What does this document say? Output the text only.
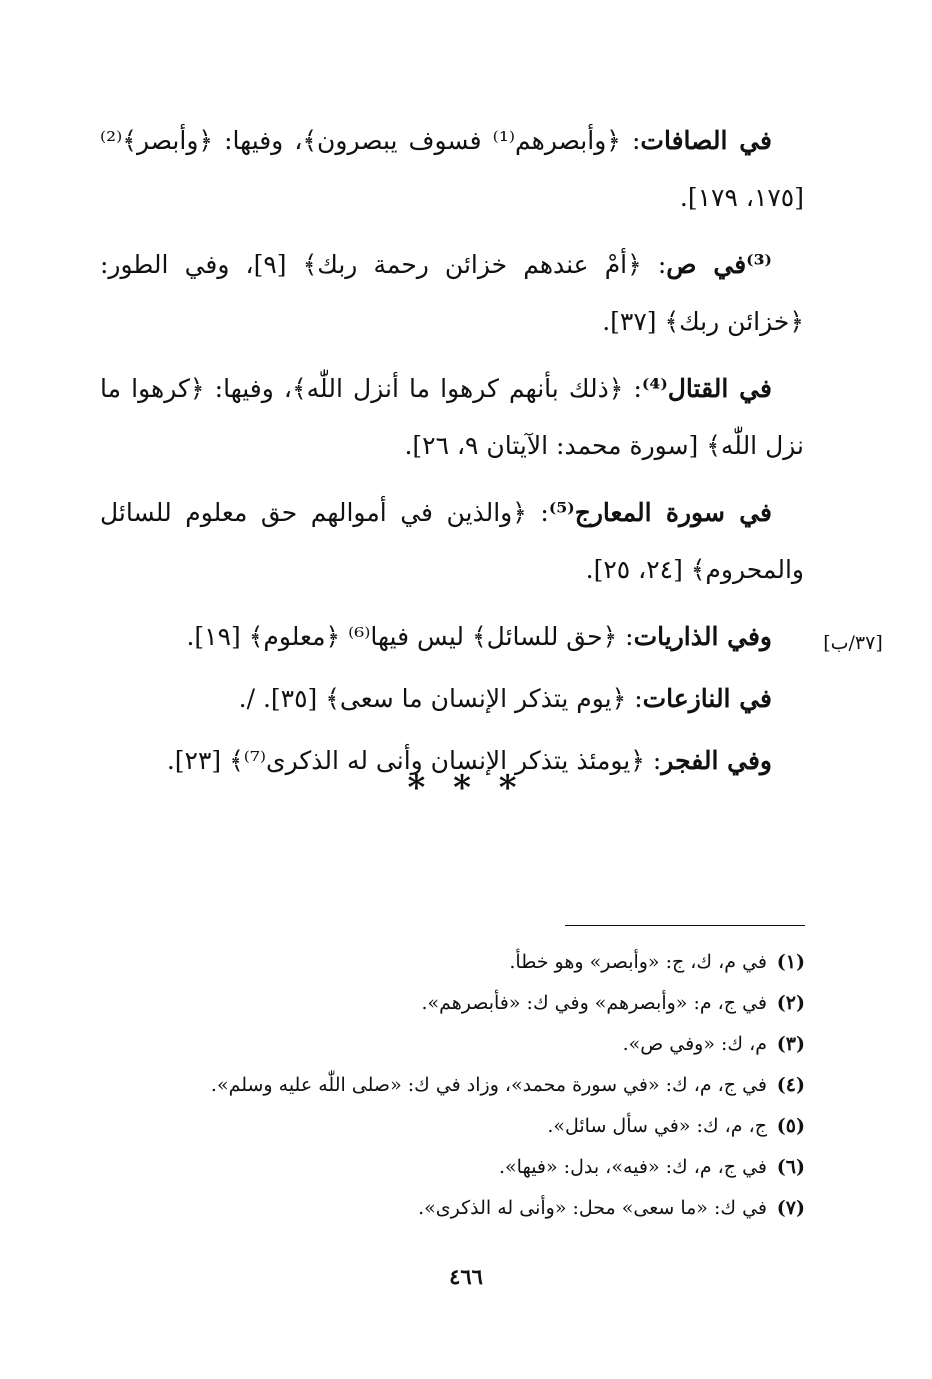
في الصافات: ﴿وأبصرهم⁽¹⁾ فسوف يبصرون﴾، وفيها: ﴿وأبصر﴾⁽²⁾ [١٧٥، ١٧٩].

⁽³⁾في ص: ﴿أمْ عندهم خزائن رحمة ربك﴾ [٩]، وفي الطور: ﴿خزائن ربك﴾ [٣٧].

في القتال⁽⁴⁾: ﴿ذلك بأنهم كرهوا ما أنزل اللّٰه﴾، وفيها: ﴿كرهوا ما نزل اللّٰه﴾ [سورة محمد: الآيتان ٩، ٢٦].

في سورة المعارج⁽⁵⁾: ﴿والذين في أموالهم حق معلوم للسائل والمحروم﴾ [٢٤، ٢٥].

وفي الذاريات: ﴿حق للسائل﴾ ليس فيها⁽⁶⁾ ﴿معلوم﴾ [١٩].

في النازعات: ﴿يوم يتذكر الإنسان ما سعى﴾ [٣٥]. /.

وفي الفجر: ﴿يومئذ يتذكر الإنسان وأنى له الذكرى⁽⁷⁾﴾ [٢٣].

[٣٧/ب]
* * *
(١)في م، ك، ج: «وأبصر» وهو خطأ.
(٢)في ج، م: «وأبصرهم» وفي ك: «فأبصرهم».
(٣)م، ك: «وفي ص».
(٤)في ج، م، ك: «في سورة محمد»، وزاد في ك: «صلى اللّٰه عليه وسلم».
(٥)ج، م، ك: «في سأل سائل».
(٦)في ج، م، ك: «فيه»، بدل: «فيها».
(٧)في ك: «ما سعى» محل: «وأنى له الذكرى».
٤٦٦
